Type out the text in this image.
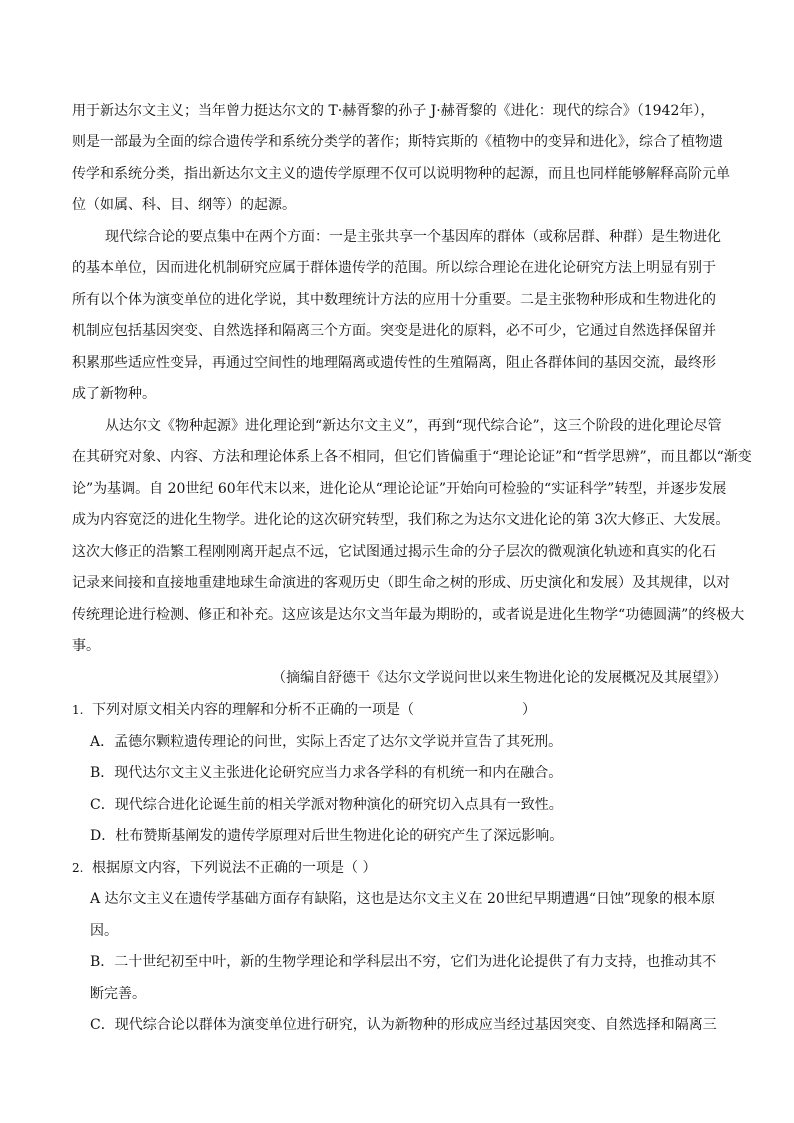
用于新达尔文主义；当年曾力挺达尔文的 T·赫胥黎的孙子 J·赫胥黎的《进化：现代的综合》（1942年），
则是一部最为全面的综合遗传学和系统分类学的著作；斯特宾斯的《植物中的变异和进化》，综合了植物遗
传学和系统分类，指出新达尔文主义的遗传学原理不仅可以说明物种的起源，而且也同样能够解释高阶元单
位（如属、科、目、纲等）的起源。
现代综合论的要点集中在两个方面：一是主张共享一个基因库的群体（或称居群、种群）是生物进化
的基本单位，因而进化机制研究应属于群体遗传学的范围。所以综合理论在进化论研究方法上明显有别于
所有以个体为演变单位的进化学说，其中数理统计方法的应用十分重要。二是主张物种形成和生物进化的
机制应包括基因突变、自然选择和隔离三个方面。突变是进化的原料，必不可少，它通过自然选择保留并
积累那些适应性变异，再通过空间性的地理隔离或遗传性的生殖隔离，阻止各群体间的基因交流，最终形
成了新物种。
从达尔文《物种起源》进化理论到“新达尔文主义”，再到“现代综合论”，这三个阶段的进化理论尽管
在其研究对象、内容、方法和理论体系上各不相同，但它们皆偏重于“理论论证”和“哲学思辨”，而且都以“渐变
论”为基调。自 20世纪 60年代末以来，进化论从“理论论证”开始向可检验的“实证科学”转型，并逐步发展
成为内容宽泛的进化生物学。进化论的这次研究转型，我们称之为达尔文进化论的第 3次大修正、大发展。
这次大修正的浩繁工程刚刚离开起点不远，它试图通过揭示生命的分子层次的微观演化轨迹和真实的化石
记录来间接和直接地重建地球生命演进的客观历史（即生命之树的形成、历史演化和发展）及其规律，以对
传统理论进行检测、修正和补充。这应该是达尔文当年最为期盼的，或者说是进化生物学“功德圆满”的终极大
事。
（摘编自舒德干《达尔文学说问世以来生物进化论的发展概况及其展望》）
1. 下列对原文相关内容的理解和分析不正确的一项是（	）
A．孟德尔颗粒遗传理论的问世，实际上否定了达尔文学说并宣告了其死刑。
B．现代达尔文主义主张进化论研究应当力求各学科的有机统一和内在融合。
C．现代综合进化论诞生前的相关学派对物种演化的研究切入点具有一致性。
D．杜布赞斯基阐发的遗传学原理对后世生物进化论的研究产生了深远影响。
2. 根据原文内容，下列说法不正确的一项是（ ）
A 达尔文主义在遗传学基础方面存有缺陷，这也是达尔文主义在 20世纪早期遭遇“日蚀”现象的根本原
因。
B．二十世纪初至中叶，新的生物学理论和学科层出不穷，它们为进化论提供了有力支持，也推动其不
断完善。
C．现代综合论以群体为演变单位进行研究，认为新物种的形成应当经过基因突变、自然选择和隔离三
